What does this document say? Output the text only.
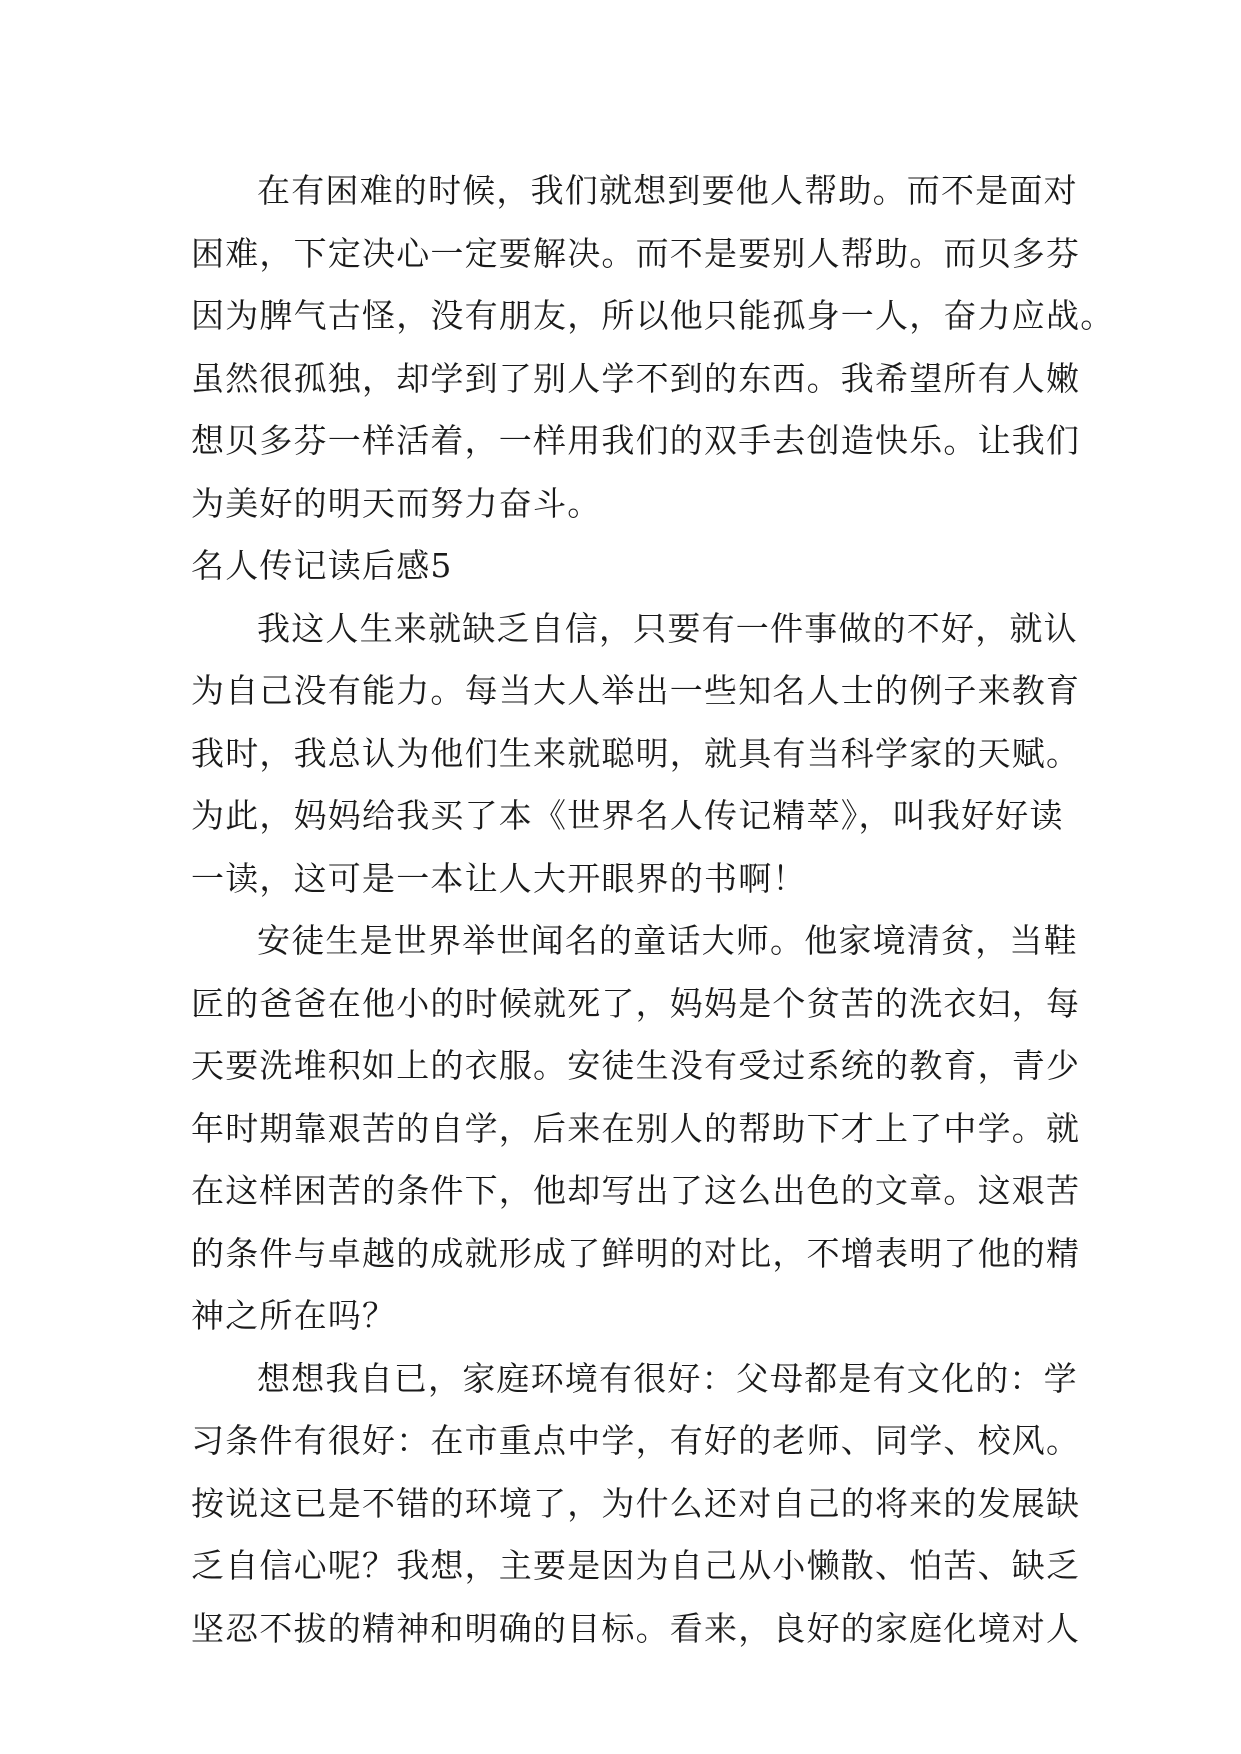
在有困难的时候，我们就想到要他人帮助。而不是面对
困难，下定决心一定要解决。而不是要别人帮助。而贝多芬
因为脾气古怪，没有朋友，所以他只能孤身一人，奋力应战。
虽然很孤独，却学到了别人学不到的东西。我希望所有人嫩
想贝多芬一样活着，一样用我们的双手去创造快乐。让我们
为美好的明天而努力奋斗。
名人传记读后感5
我这人生来就缺乏自信，只要有一件事做的不好，就认
为自己没有能力。每当大人举出一些知名人士的例子来教育
我时，我总认为他们生来就聪明，就具有当科学家的天赋。
为此，妈妈给我买了本《世界名人传记精萃》，叫我好好读
一读，这可是一本让人大开眼界的书啊！
安徒生是世界举世闻名的童话大师。他家境清贫，当鞋
匠的爸爸在他小的时候就死了，妈妈是个贫苦的洗衣妇，每
天要洗堆积如上的衣服。安徒生没有受过系统的教育，青少
年时期靠艰苦的自学，后来在别人的帮助下才上了中学。就
在这样困苦的条件下，他却写出了这么出色的文章。这艰苦
的条件与卓越的成就形成了鲜明的对比，不增表明了他的精
神之所在吗？
想想我自已，家庭环境有很好：父母都是有文化的：学
习条件有很好：在市重点中学，有好的老师、同学、校风。
按说这已是不错的环境了，为什么还对自己的将来的发展缺
乏自信心呢？我想，主要是因为自己从小懒散、怕苦、缺乏
坚忍不拔的精神和明确的目标。看来，良好的家庭化境对人
